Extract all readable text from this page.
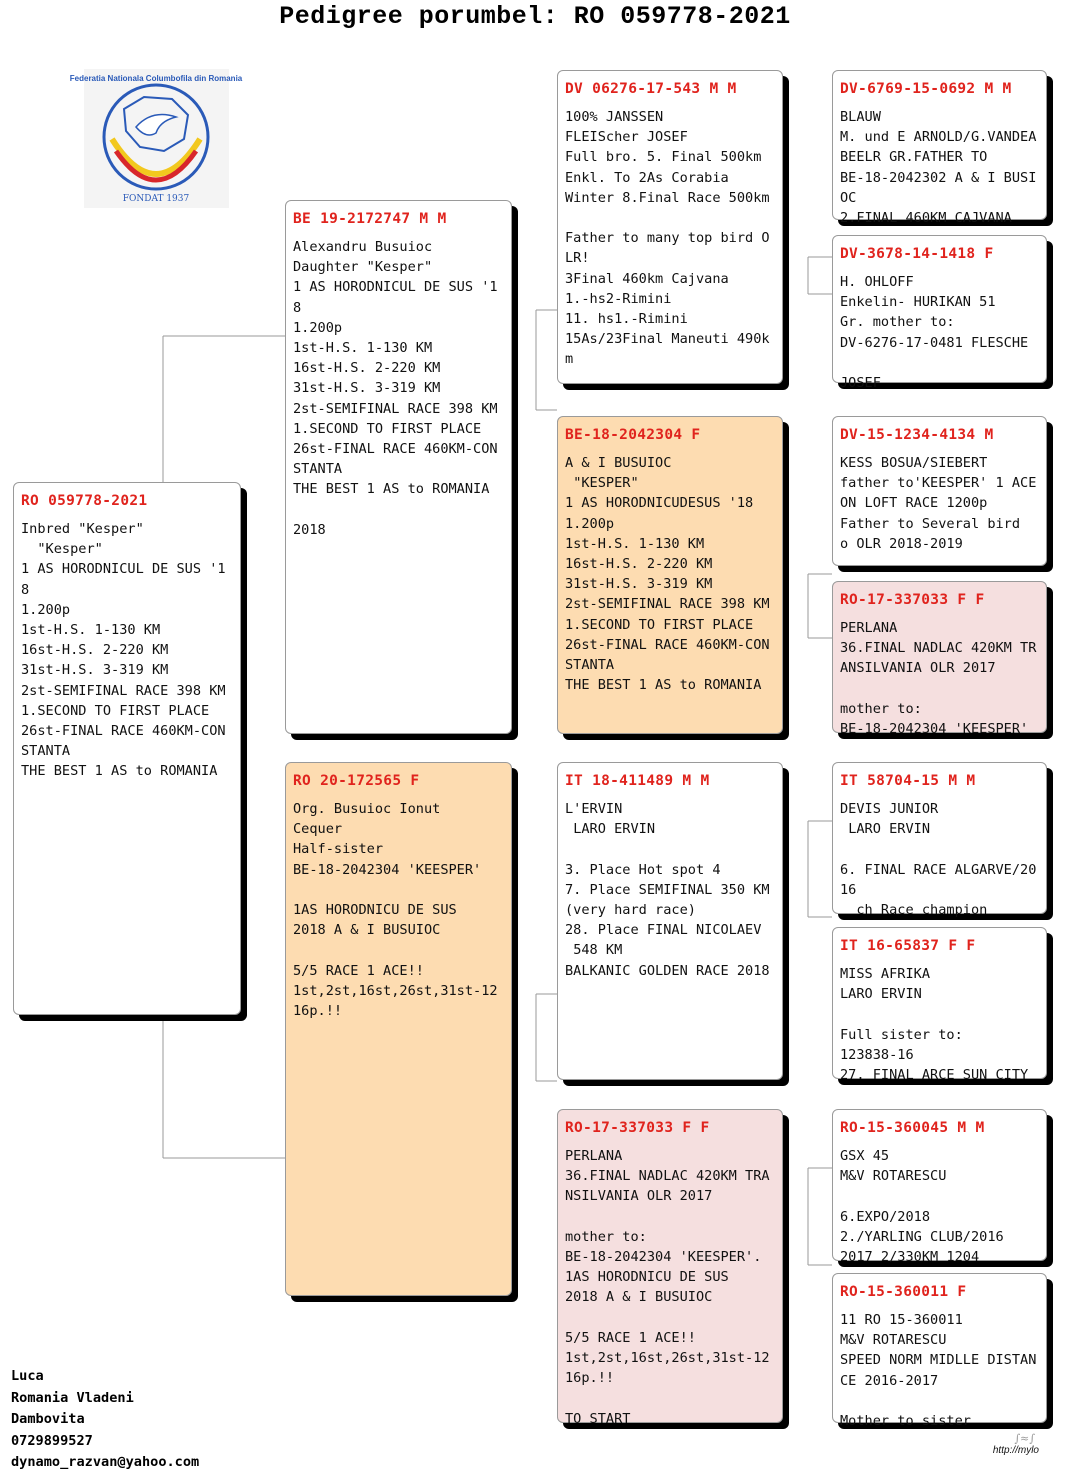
Pedigree porumbel: RO 059778-2021
FONDAT 1937
Federatia Nationala Columbofila din Romania
RO 059778-2021
Inbred "Kesper"
"Kesper"
1 AS HORODNICUL DE SUS '18
1.200p
1st-H.S. 1-130 KM
16st-H.S. 2-220 KM
31st-H.S. 3-319 KM
2st-SEMIFINAL RACE 398 KM
1.SECOND TO FIRST PLACE
26st-FINAL RACE 460KM-CONSTANTA
THE BEST 1 AS to ROMANIA
BE 19-2172747 M M
Alexandru Busuioc
Daughter "Kesper"
1 AS HORODNICUL DE SUS '18
1.200p
1st-H.S. 1-130 KM
16st-H.S. 2-220 KM
31st-H.S. 3-319 KM
2st-SEMIFINAL RACE 398 KM
1.SECOND TO FIRST PLACE
26st-FINAL RACE 460KM-CONSTANTA
THE BEST 1 AS to ROMANIA

2018
RO 20-172565 F
Org. Busuioc Ionut
Cequer
Half-sister
BE-18-2042304 'KEESPER'

1AS HORODNICU DE SUS
2018 A & I BUSUIOC

5/5 RACE 1 ACE!!
1st,2st,16st,26st,31st-1216p.!!
DV 06276-17-543 M M
100% JANSSEN
FLEIScher JOSEF
Full bro. 5. Final 500km
Enkl. To 2As Corabia
Winter 8.Final Race 500km

Father to many top bird OLR!
3Final 460km Cajvana
1.-hs2-Rimini
11. hs1.-Rimini
15As/23Final Maneuti 490km
BE-18-2042304 F
A & I BUSUIOC
"KESPER"
1 AS HORODNICUDESUS '18
1.200p
1st-H.S. 1-130 KM
16st-H.S. 2-220 KM
31st-H.S. 3-319 KM
2st-SEMIFINAL RACE 398 KM
1.SECOND TO FIRST PLACE
26st-FINAL RACE 460KM-CONSTANTA
THE BEST 1 AS to ROMANIA
IT 18-411489 M M
L'ERVIN
LARO ERVIN

3. Place Hot spot 4
7. Place SEMIFINAL 350 KM (very hard race)
28. Place FINAL NICOLAEV
548 KM
BALKANIC GOLDEN RACE 2018
RO-17-337033 F F
PERLANA
36.FINAL NADLAC 420KM TRANSILVANIA OLR 2017

mother to:
BE-18-2042304 'KEESPER'.
1AS HORODNICU DE SUS
2018 A & I BUSUIOC

5/5 RACE 1 ACE!!
1st,2st,16st,26st,31st-1216p.!!

TO START
DV-6769-15-0692 M M
BLAUW
M. und E ARNOLD/G.VANDEABEELR GR.FATHER TO
BE-18-2042302 A & I BUSIOC
2.FINAL 460KM CAJVANA
DV-3678-14-1418 F
H. OHLOFF
Enkelin- HURIKAN 51
Gr. mother to:
DV-6276-17-0481 FLESCHE

JOSEF
DV-15-1234-4134 M
KESS BOSUA/SIEBERT
father to'KEESPER' 1 ACE
ON LOFT RACE 1200p
Father to Several bird
o OLR 2018-2019
RO-17-337033 F F
PERLANA
36.FINAL NADLAC 420KM TRANSILVANIA OLR 2017

mother to:
BE-18-2042304 'KEESPER'
IT 58704-15 M M
DEVIS JUNIOR
LARO ERVIN

6. FINAL RACE ALGARVE/2016
ch Race champion
IT 16-65837 F F
MISS AFRIKA
LARO ERVIN

Full sister to:
123838-16
27. FINAL ARCE SUN CITY
RO-15-360045 M M
GSX 45
M&V ROTARESCU

6.EXPO/2018
2./YARLING CLUB/2016
2017 2/330KM 1204
RO-15-360011 F
11 RO 15-360011
M&V ROTARESCU
SPEED NORM MIDLLE DISTANCE 2016-2017

Mother to sister
Luca
Romania Vladeni
Dambovita
0729899527
dynamo_razvan@yahoo.com
∫≈∫
http://mylo
